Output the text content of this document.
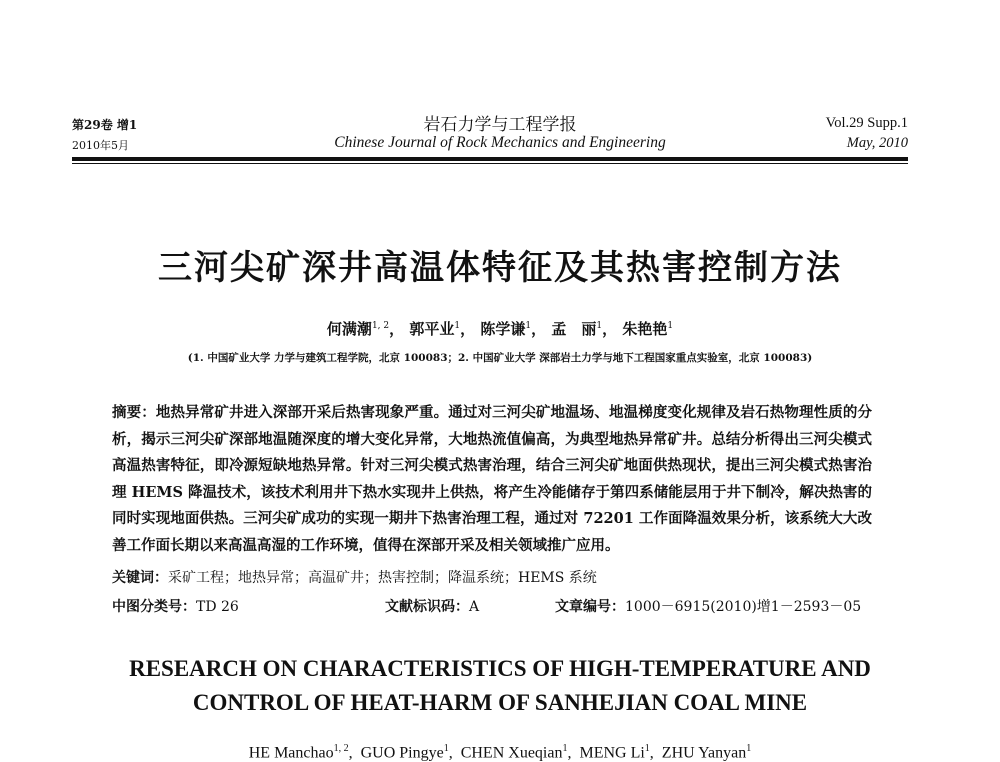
第29卷 增1
2010年5月
岩石力学与工程学报
Chinese Journal of Rock Mechanics and Engineering
Vol.29 Supp.1
May, 2010
三河尖矿深井高温体特征及其热害控制方法
何满潮$^{1, 2}$， 郭平业$^1$， 陈学谦$^1$， 孟　丽$^1$， 朱艳艳$^1$
(1. 中国矿业大学 力学与建筑工程学院，北京 100083；2. 中国矿业大学 深部岩土力学与地下工程国家重点实验室，北京 100083)
摘要：地热异常矿井进入深部开采后热害现象严重。通过对三河尖矿地温场、地温梯度变化规律及岩石热物理性质的分析，揭示三河尖矿深部地温随深度的增大变化异常，大地热流值偏高，为典型地热异常矿井。总结分析得出三河尖模式高温热害特征，即冷源短缺地热异常。针对三河尖模式热害治理，结合三河尖矿地面供热现状，提出三河尖模式热害治理 HEMS 降温技术，该技术利用井下热水实现井上供热，将产生冷能储存于第四系储能层用于井下制冷，解决热害的同时实现地面供热。三河尖矿成功的实现一期井下热害治理工程，通过对 72201 工作面降温效果分析，该系统大大改善工作面长期以来高温高湿的工作环境，值得在深部开采及相关领域推广应用。
关键词：采矿工程；地热异常；高温矿井；热害控制；降温系统；HEMS 系统
中图分类号：TD 26	文献标识码：A	文章编号：1000－6915(2010)增1－2593－05
RESEARCH ON CHARACTERISTICS OF HIGH-TEMPERATURE AND
CONTROL OF HEAT-HARM OF SANHEJIAN COAL MINE
HE Manchao$^{1, 2}$,  GUO Pingye$^1$,  CHEN Xueqian$^1$,  MENG Li$^1$,  ZHU Yanyan$^1$
